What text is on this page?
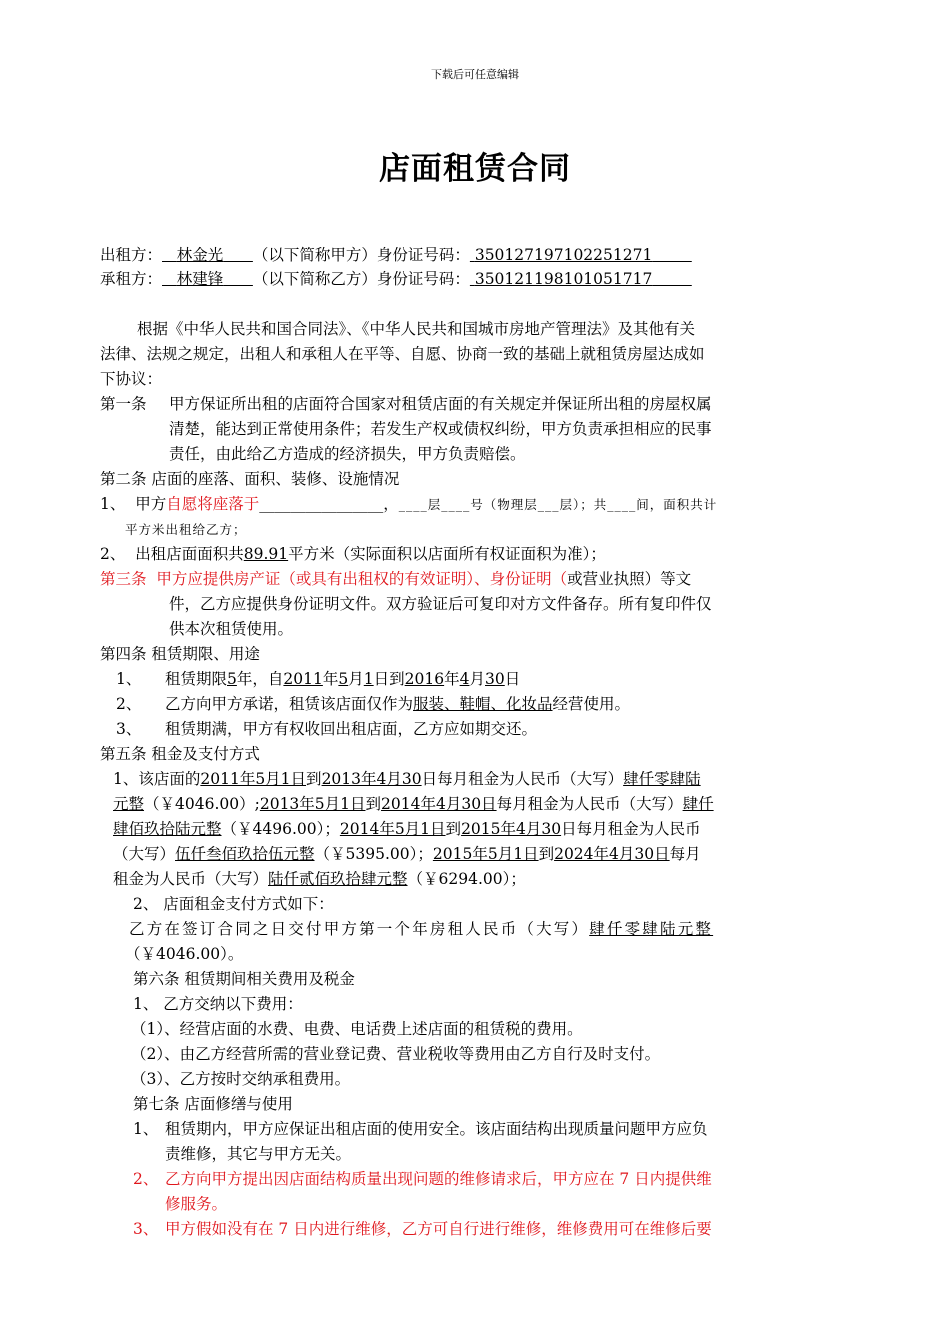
下载后可任意编辑
店面租赁合同
出租方： 林金光 （以下简称甲方）身份证号码： 350127197102251271
承租方： 林建锋 （以下简称乙方）身份证号码： 350121198101051717
根据《中华人民共和国合同法》、《中华人民共和国城市房地产管理法》及其他有关
法律、法规之规定，出租人和承租人在平等、自愿、协商一致的基础上就租赁房屋达成如
下协议：
第一条 甲方保证所出租的店面符合国家对租赁店面的有关规定并保证所出租的房屋权属
清楚，能达到正常使用条件；若发生产权或债权纠纷，甲方负责承担相应的民事
责任，由此给乙方造成的经济损失，甲方负责赔偿。
第二条 店面的座落、面积、装修、设施情况
1、 甲方自愿将座落于________________，____层____号（物理层___层）；共____间，面积共计
平方米出租给乙方；
2、 出租店面面积共89.91平方米（实际面积以店面所有权证面积为准）；
第三条 甲方应提供房产证（或具有出租权的有效证明）、身份证明（或营业执照）等文
件，乙方应提供身份证明文件。双方验证后可复印对方文件备存。所有复印件仅
供本次租赁使用。
第四条 租赁期限、用途
1、 租赁期限5年，自2011年5月1日到2016年4月30日
2、 乙方向甲方承诺，租赁该店面仅作为服装、鞋帽、化妆品经营使用。
3、 租赁期满，甲方有权收回出租店面，乙方应如期交还。
第五条 租金及支付方式
1、该店面的2011年5月1日到2013年4月30日每月租金为人民币（大写）肆仟零肆陆
元整（￥4046.00）;2013年5月1日到2014年4月30日每月租金为人民币（大写）肆仟
肆佰玖拾陆元整（￥4496.00）；2014年5月1日到2015年4月30日每月租金为人民币
（大写）伍仟叁佰玖拾伍元整（￥5395.00）；2015年5月1日到2024年4月30日每月
租金为人民币（大写）陆仟贰佰玖拾肆元整（￥6294.00）；
2、 店面租金支付方式如下：
乙方在签订合同之日交付甲方第一个年房租人民币（大写）肆仟零肆陆元整
（￥4046.00）。
第六条 租赁期间相关费用及税金
1、 乙方交纳以下费用：
（1）、经营店面的水费、电费、电话费上述店面的租赁税的费用。
（2）、由乙方经营所需的营业登记费、营业税收等费用由乙方自行及时支付。
（3）、乙方按时交纳承租费用。
第七条 店面修缮与使用
1、 租赁期内，甲方应保证出租店面的使用安全。该店面结构出现质量问题甲方应负
责维修，其它与甲方无关。
2、 乙方向甲方提出因店面结构质量出现问题的维修请求后，甲方应在 7 日内提供维
修服务。
3、 甲方假如没有在 7 日内进行维修，乙方可自行进行维修，维修费用可在维修后要
